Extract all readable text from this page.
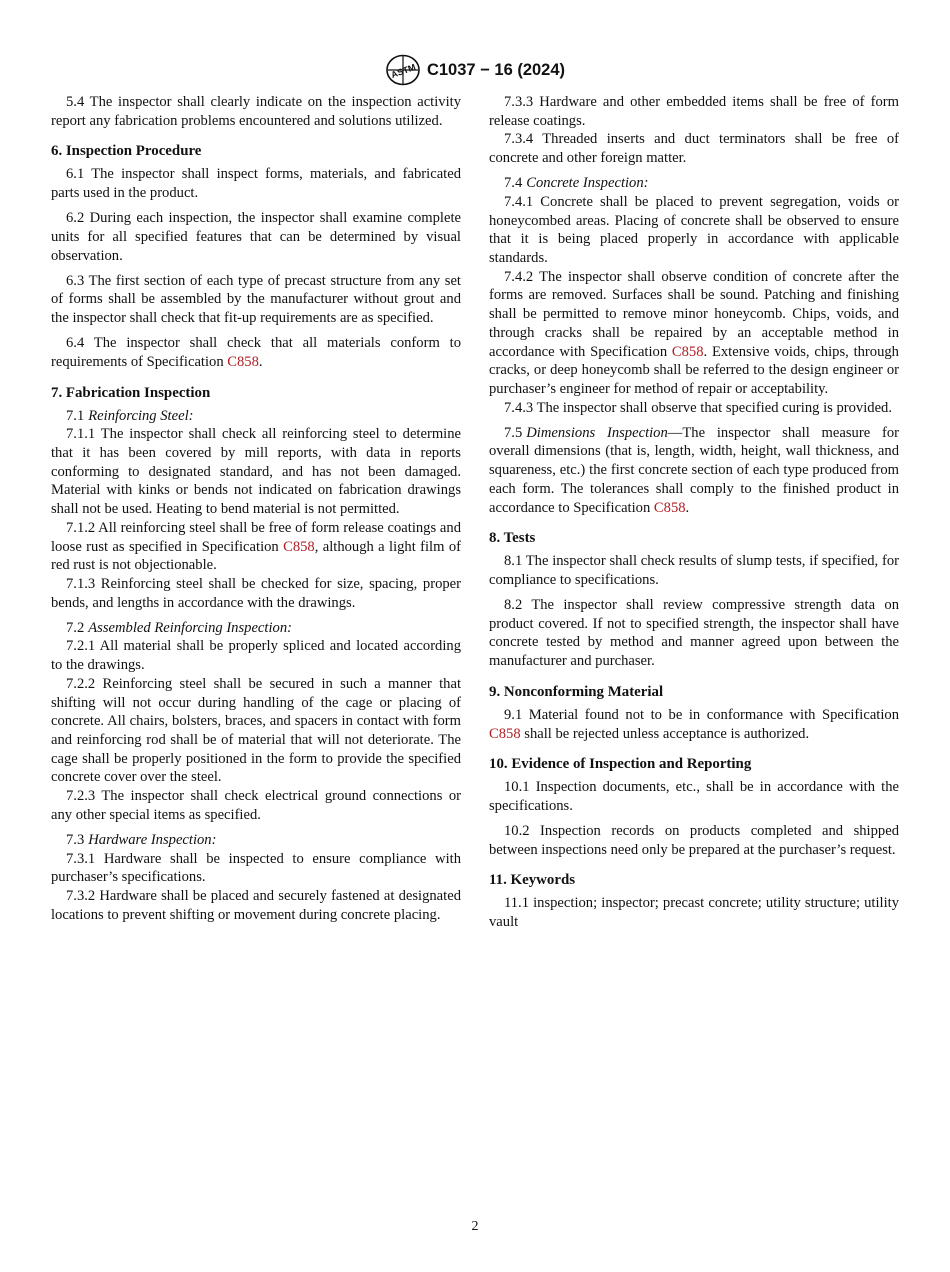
ASTM C1037 − 16 (2024)

5.4 The inspector shall clearly indicate on the inspection activity report any fabrication problems encountered and solutions utilized.

6. Inspection Procedure

6.1 The inspector shall inspect forms, materials, and fabricated parts used in the product.

6.2 During each inspection, the inspector shall examine complete units for all specified features that can be determined by visual observation.

6.3 The first section of each type of precast structure from any set of forms shall be assembled by the manufacturer without grout and the inspector shall check that fit-up requirements are as specified.

6.4 The inspector shall check that all materials conform to requirements of Specification C858.

7. Fabrication Inspection

7.1 Reinforcing Steel:

7.1.1 The inspector shall check all reinforcing steel to determine that it has been covered by mill reports, with data in reports conforming to designated standard, and has not been damaged. Material with kinks or bends not indicated on fabrication drawings shall not be used. Heating to bend material is not permitted.

7.1.2 All reinforcing steel shall be free of form release coatings and loose rust as specified in Specification C858, although a light film of red rust is not objectionable.

7.1.3 Reinforcing steel shall be checked for size, spacing, proper bends, and lengths in accordance with the drawings.

7.2 Assembled Reinforcing Inspection:

7.2.1 All material shall be properly spliced and located according to the drawings.

7.2.2 Reinforcing steel shall be secured in such a manner that shifting will not occur during handling of the cage or placing of concrete. All chairs, bolsters, braces, and spacers in contact with form and reinforcing rod shall be of material that will not deteriorate. The cage shall be properly positioned in the form to provide the specified concrete cover over the steel.

7.2.3 The inspector shall check electrical ground connections or any other special items as specified.

7.3 Hardware Inspection:

7.3.1 Hardware shall be inspected to ensure compliance with purchaser’s specifications.

7.3.2 Hardware shall be placed and securely fastened at designated locations to prevent shifting or movement during concrete placing.

7.3.3 Hardware and other embedded items shall be free of form release coatings.

7.3.4 Threaded inserts and duct terminators shall be free of concrete and other foreign matter.

7.4 Concrete Inspection:

7.4.1 Concrete shall be placed to prevent segregation, voids or honeycombed areas. Placing of concrete shall be observed to ensure that it is being placed properly in accordance with applicable standards.

7.4.2 The inspector shall observe condition of concrete after the forms are removed. Surfaces shall be sound. Patching and finishing shall be permitted to remove minor honeycomb. Chips, voids, and through cracks shall be repaired by an acceptable method in accordance with Specification C858. Extensive voids, chips, through cracks, or deep honeycomb shall be referred to the design engineer or purchaser’s engineer for method of repair or acceptability.

7.4.3 The inspector shall observe that specified curing is provided.

7.5 Dimensions Inspection—The inspector shall measure for overall dimensions (that is, length, width, height, wall thickness, and squareness, etc.) the first concrete section of each type produced from each form. The tolerances shall comply to the finished product in accordance to Specification C858.

8. Tests

8.1 The inspector shall check results of slump tests, if specified, for compliance to specifications.

8.2 The inspector shall review compressive strength data on product covered. If not to specified strength, the inspector shall have concrete tested by method and manner agreed upon between the manufacturer and purchaser.

9. Nonconforming Material

9.1 Material found not to be in conformance with Specification C858 shall be rejected unless acceptance is authorized.

10. Evidence of Inspection and Reporting

10.1 Inspection documents, etc., shall be in accordance with the specifications.

10.2 Inspection records on products completed and shipped between inspections need only be prepared at the purchaser’s request.

11. Keywords

11.1 inspection; inspector; precast concrete; utility structure; utility vault

2
